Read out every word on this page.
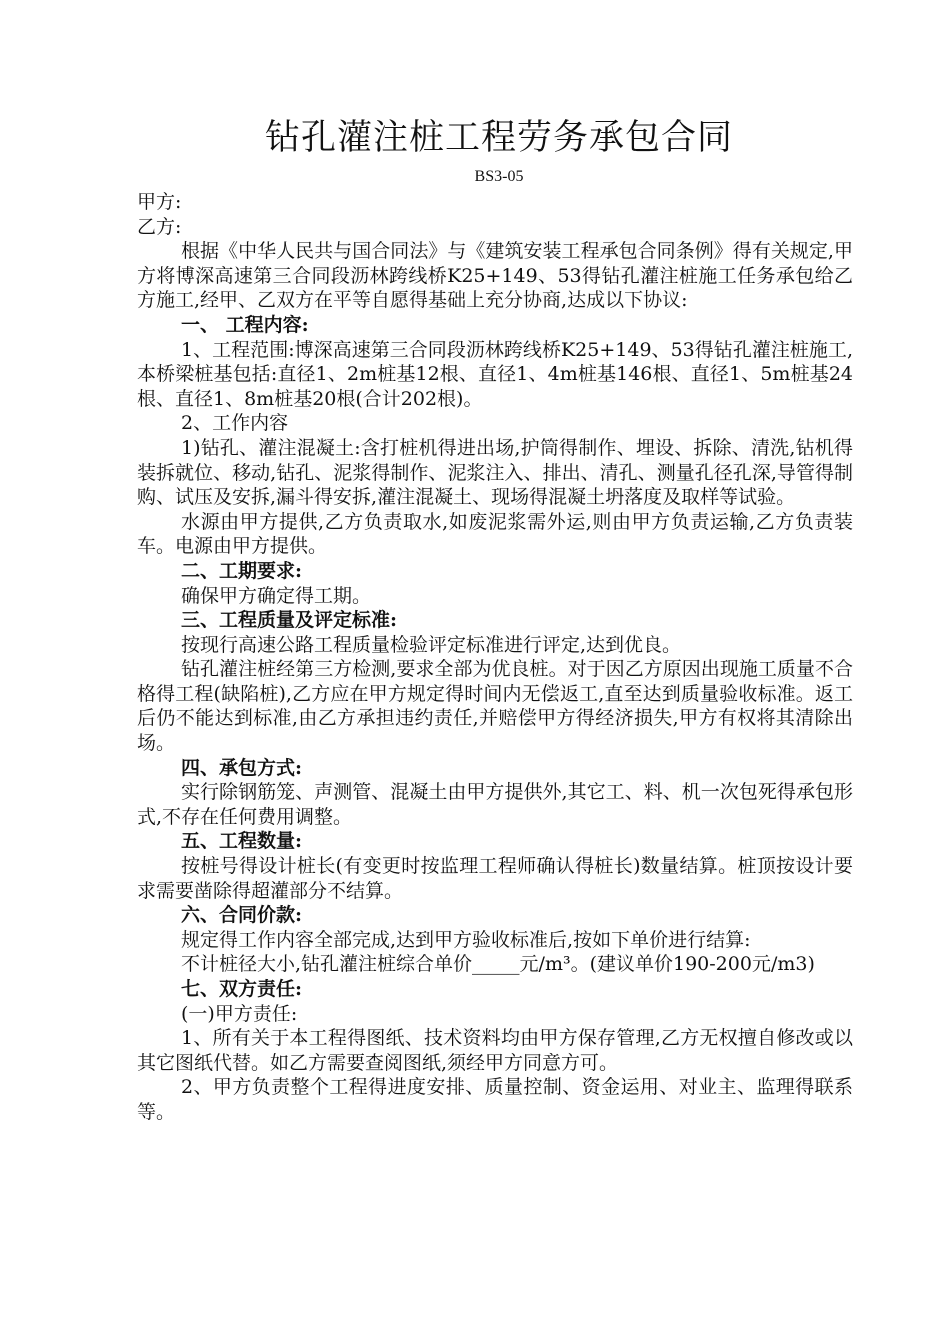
钻孔灌注桩工程劳务承包合同
BS3-05

甲方:

乙方:

根据《中华人民共与国合同法》与《建筑安装工程承包合同条例》得有关规定,甲方将博深高速第三合同段沥林跨线桥K25+149、53得钻孔灌注桩施工任务承包给乙方施工,经甲、乙双方在平等自愿得基础上充分协商,达成以下协议:

一、 工程内容:

1、工程范围:博深高速第三合同段沥林跨线桥K25+149、53得钻孔灌注桩施工, 本桥梁桩基包括:直径1、2m桩基12根、直径1、4m桩基146根、直径1、5m桩基24根、直径1、8m桩基20根(合计202根)。

2、工作内容

1)钻孔、灌注混凝土:含打桩机得进出场,护筒得制作、埋设、拆除、清洗,钻机得装拆就位、移动,钻孔、泥浆得制作、泥浆注入、排出、清孔、测量孔径孔深,导管得制购、试压及安拆,漏斗得安拆,灌注混凝土、现场得混凝土坍落度及取样等试验。

水源由甲方提供,乙方负责取水,如废泥浆需外运,则由甲方负责运输,乙方负责装车。电源由甲方提供。

二、工期要求:

确保甲方确定得工期。

三、工程质量及评定标准:

按现行高速公路工程质量检验评定标准进行评定,达到优良。

钻孔灌注桩经第三方检测,要求全部为优良桩。对于因乙方原因出现施工质量不合格得工程(缺陷桩),乙方应在甲方规定得时间内无偿返工,直至达到质量验收标准。返工后仍不能达到标准,由乙方承担违约责任,并赔偿甲方得经济损失,甲方有权将其清除出场。

四、承包方式:

实行除钢筋笼、声测管、混凝土由甲方提供外,其它工、料、机一次包死得承包形式,不存在任何费用调整。

五、工程数量:

按桩号得设计桩长(有变更时按监理工程师确认得桩长)数量结算。桩顶按设计要求需要凿除得超灌部分不结算。

六、合同价款:

规定得工作内容全部完成,达到甲方验收标准后,按如下单价进行结算:

不计桩径大小,钻孔灌注桩综合单价_____元/m³。(建议单价190-200元/m3)

七、双方责任:

(一)甲方责任:

1、所有关于本工程得图纸、技术资料均由甲方保存管理,乙方无权擅自修改或以其它图纸代替。如乙方需要查阅图纸,须经甲方同意方可。

2、甲方负责整个工程得进度安排、质量控制、资金运用、对业主、监理得联系等。
